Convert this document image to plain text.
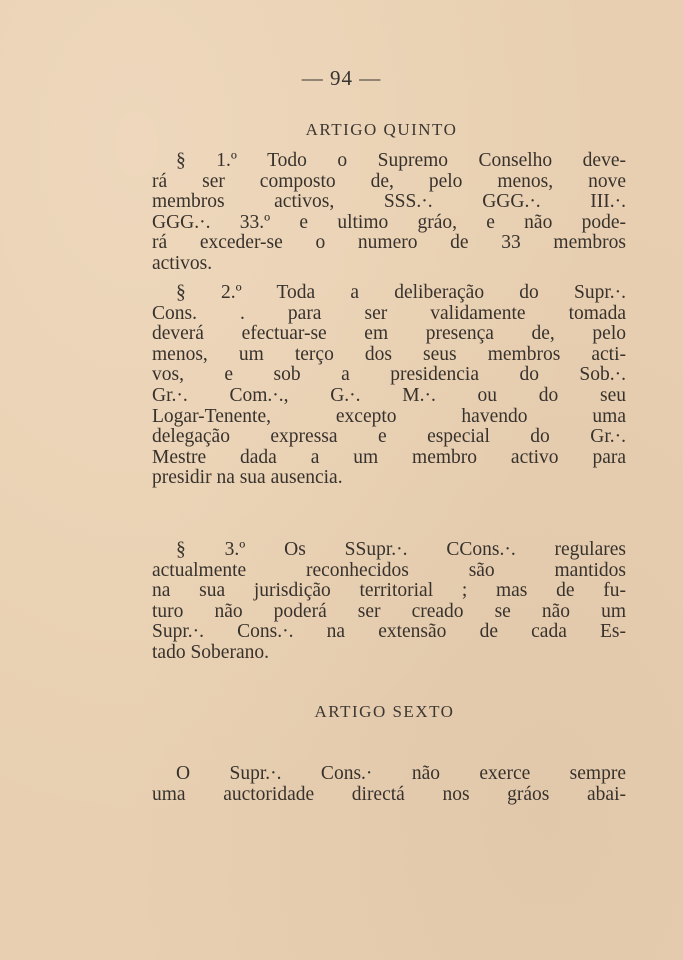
— 94 —
ARTIGO QUINTO
§ 1.º Todo o Supremo Conselho deve-
rá ser composto de, pelo menos, nove
membros activos, SSS.·. GGG.·. III.·.
GGG.·. 33.º e ultimo gráo, e não pode-
rá exceder-se o numero de 33 membros
activos.
§ 2.º Toda a deliberação do Supr.·.
Cons. . para ser validamente tomada
deverá efectuar-se em presença de, pelo
menos, um terço dos seus membros acti-
vos, e sob a presidencia do Sob.·.
Gr.·. Com.·., G.·. M.·. ou do seu
Logar-Tenente, excepto havendo uma
delegação expressa e especial do Gr.·.
Mestre dada a um membro activo para
presidir na sua ausencia.
§ 3.º Os SSupr.·. CCons.·. regulares
actualmente reconhecidos são mantidos
na sua jurisdição territorial ; mas de fu-
turo não poderá ser creado se não um
Supr.·. Cons.·. na extensão de cada Es-
tado Soberano.
ARTIGO SEXTO
O Supr.·. Cons.· não exerce sempre
uma auctoridade directá nos gráos abai-
